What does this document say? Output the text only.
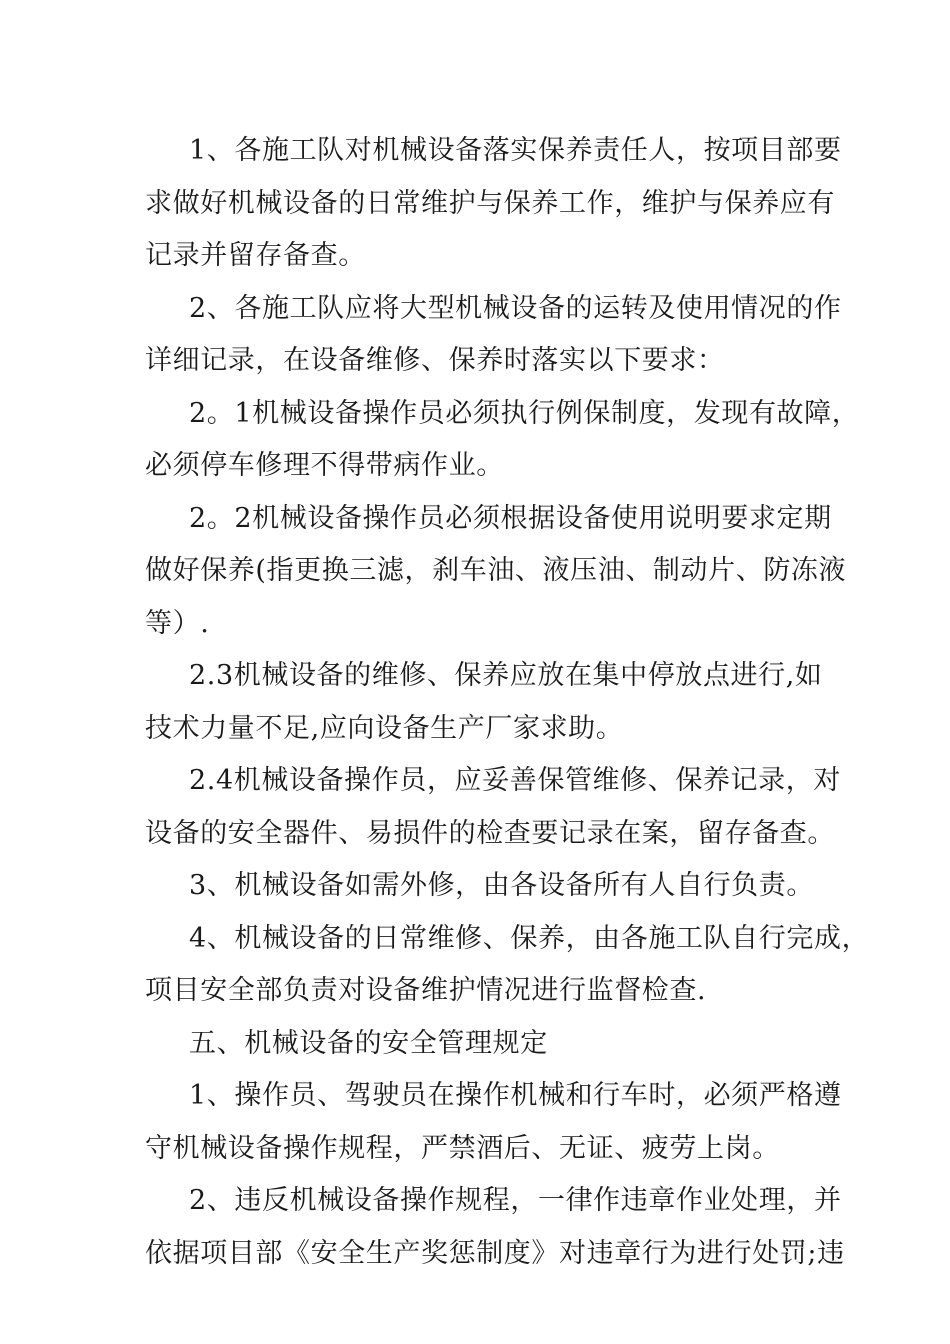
1、各施工队对机械设备落实保养责任人，按项目部要
求做好机械设备的日常维护与保养工作，维护与保养应有
记录并留存备查。
2、各施工队应将大型机械设备的运转及使用情况的作
详细记录，在设备维修、保养时落实以下要求：
2。1机械设备操作员必须执行例保制度，发现有故障，
必须停车修理不得带病作业。
2。2机械设备操作员必须根据设备使用说明要求定期
做好保养(指更换三滤，刹车油、液压油、制动片、防冻液
等）.
2.3机械设备的维修、保养应放在集中停放点进行,如
技术力量不足,应向设备生产厂家求助。
2.4机械设备操作员，应妥善保管维修、保养记录，对
设备的安全器件、易损件的检查要记录在案，留存备查。
3、机械设备如需外修，由各设备所有人自行负责。
4、机械设备的日常维修、保养，由各施工队自行完成，
项目安全部负责对设备维护情况进行监督检查.
五、机械设备的安全管理规定
1、操作员、驾驶员在操作机械和行车时，必须严格遵
守机械设备操作规程，严禁酒后、无证、疲劳上岗。
2、违反机械设备操作规程，一律作违章作业处理，并
依据项目部《安全生产奖惩制度》对违章行为进行处罚;违
